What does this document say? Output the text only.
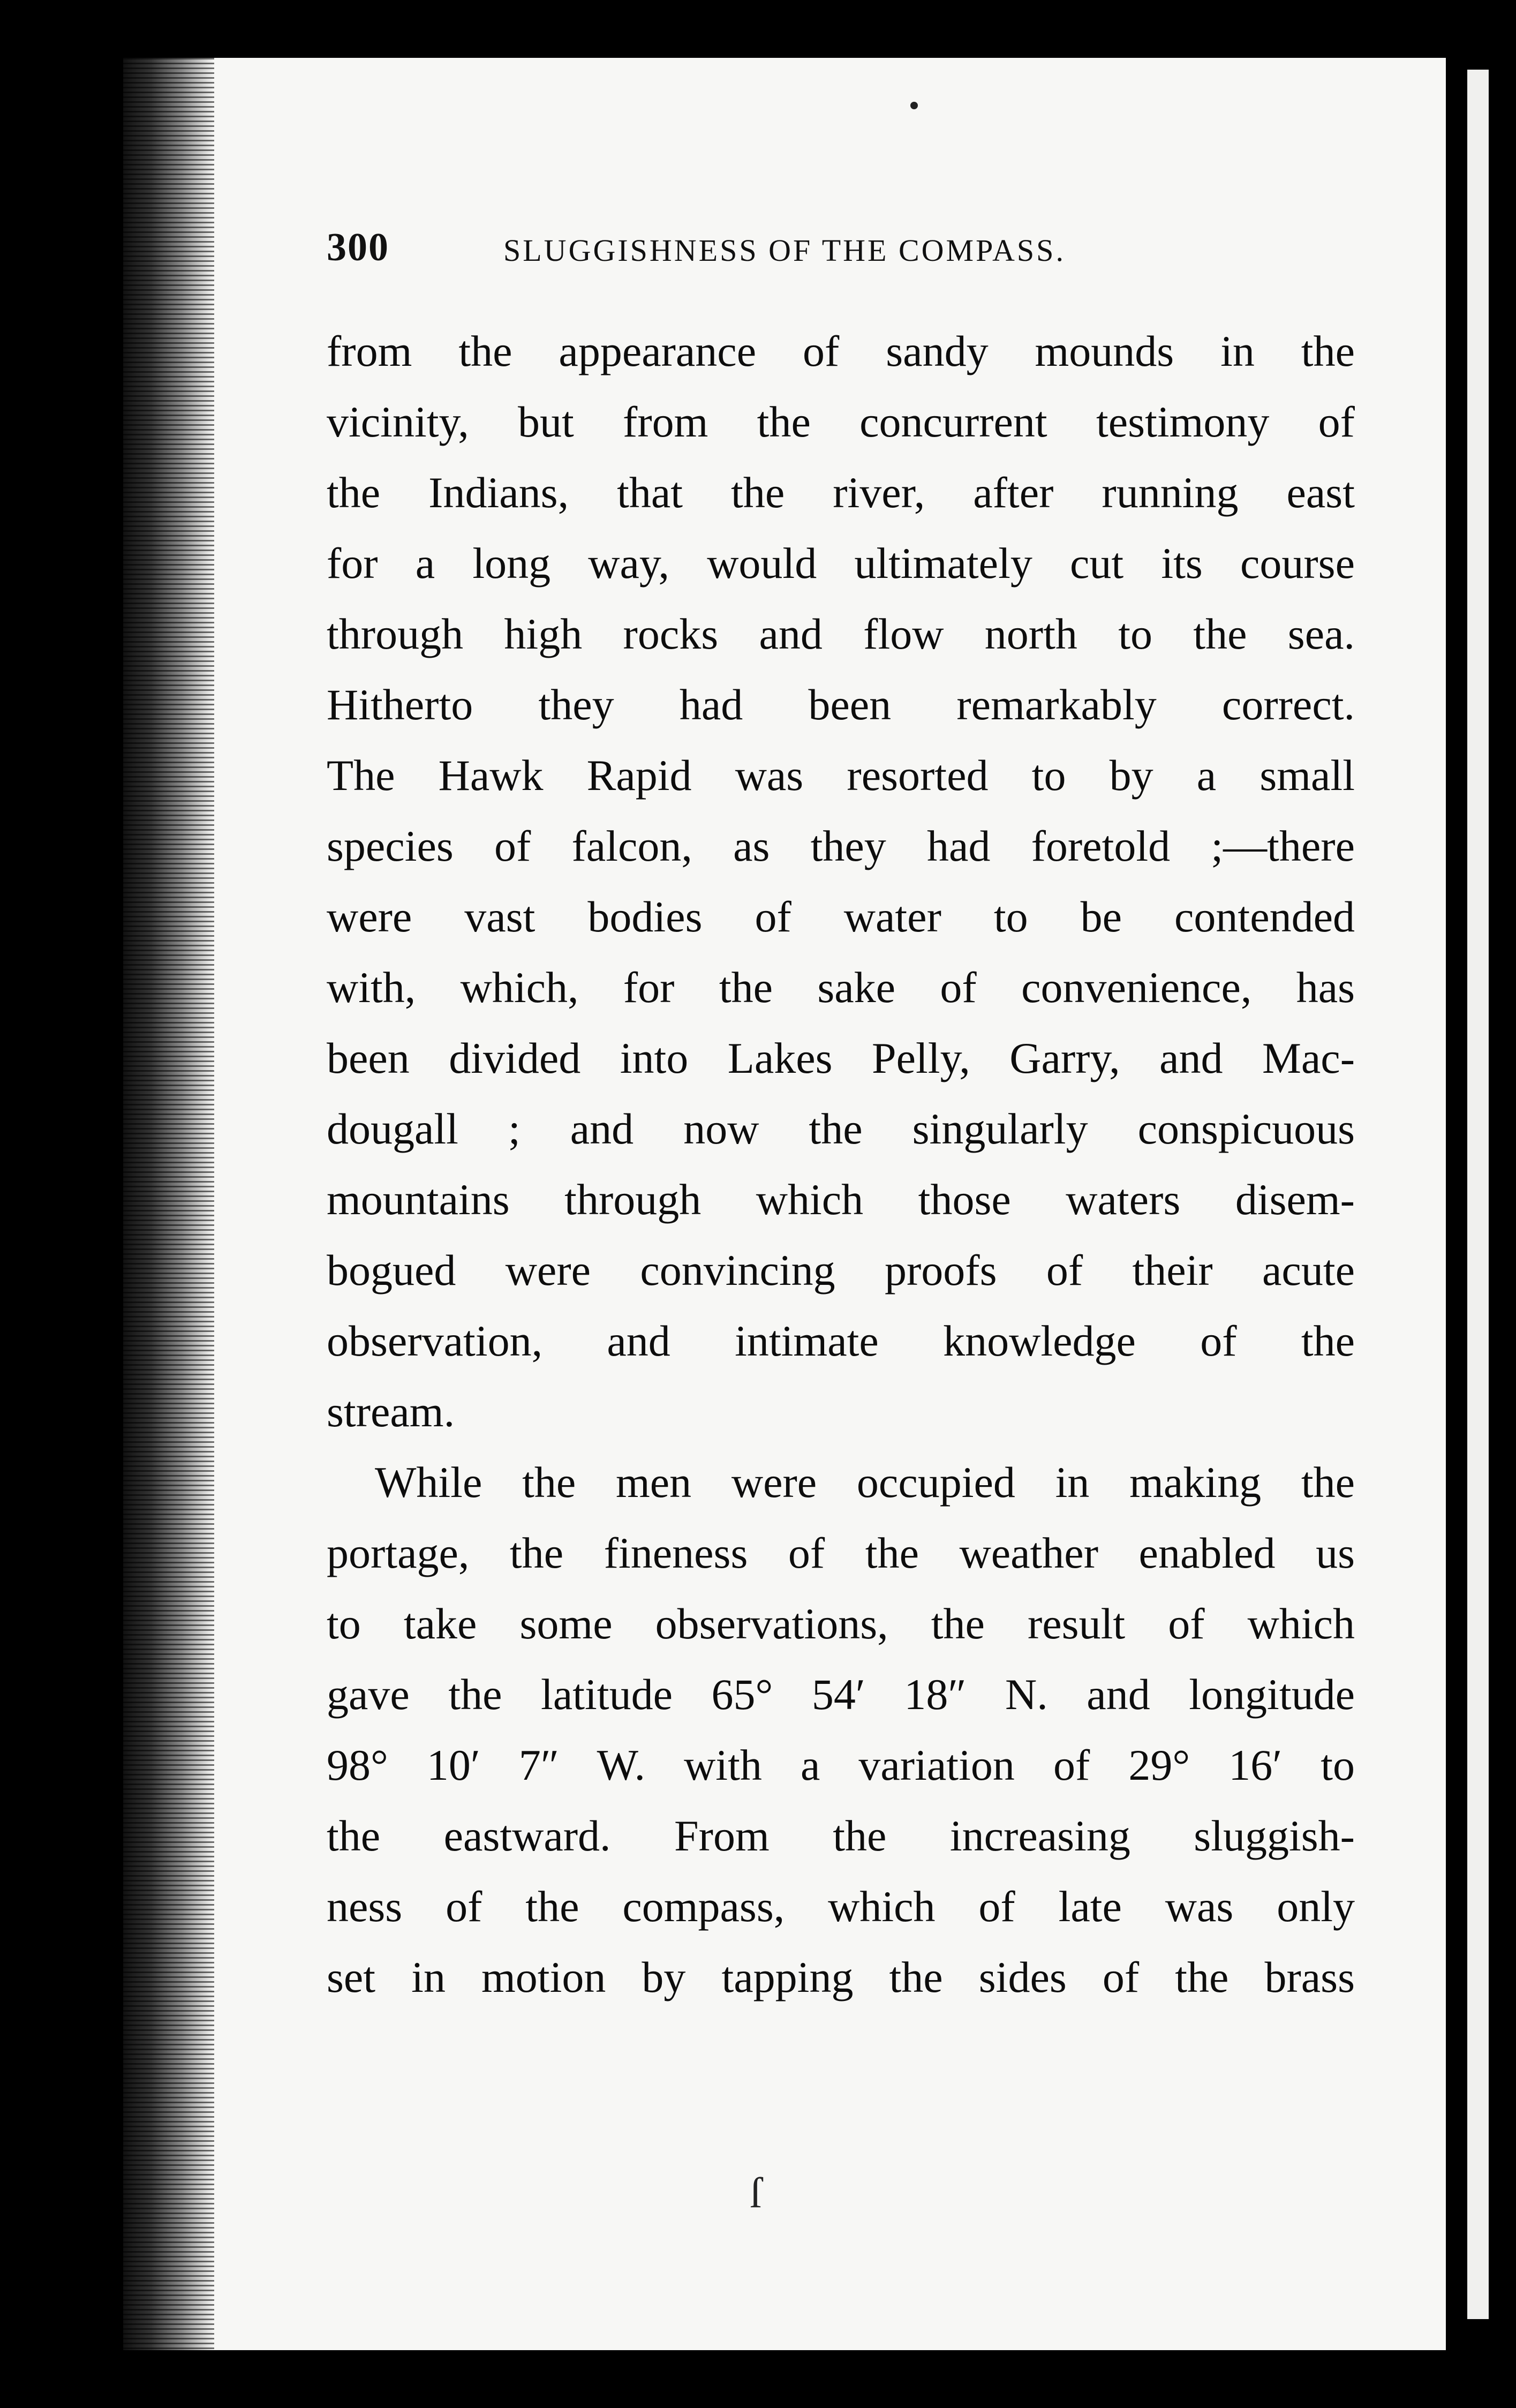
300	SLUGGISHNESS OF THE COMPASS.

from the appearance of sandy mounds in the

vicinity, but from the concurrent testimony of

the Indians, that the river, after running east

for a long way, would ultimately cut its course

through high rocks and flow north to the sea.

Hitherto they had been remarkably correct.

The Hawk Rapid was resorted to by a small

species of falcon, as they had foretold ;—there

were vast bodies of water to be contended

with, which, for the sake of convenience, has

been divided into Lakes Pelly, Garry, and Mac-

dougall ; and now the singularly conspicuous

mountains through which those waters disem-

bogued were convincing proofs of their acute

observation, and intimate knowledge of the

stream.

While the men were occupied in making the

portage, the fineness of the weather enabled us

to take some observations, the result of which

gave the latitude 65° 54′ 18″ N. and longitude

98° 10′ 7″ W. with a variation of 29° 16′ to

the eastward. From the increasing sluggish-

ness of the compass, which of late was only

set in motion by tapping the sides of the brass

ſ
